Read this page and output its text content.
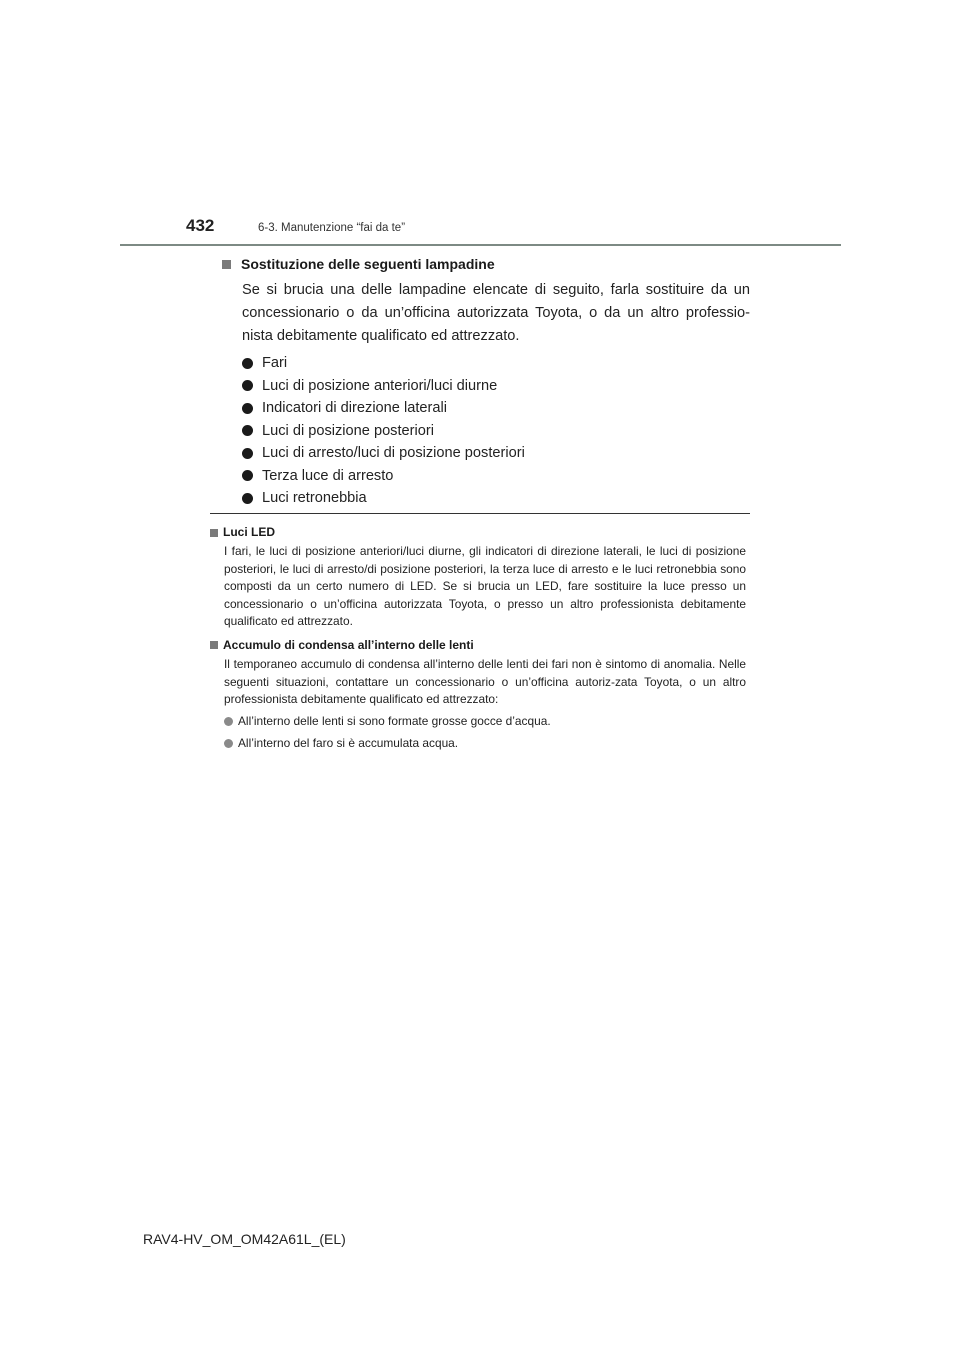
432	6-3. Manutenzione “fai da te”
Sostituzione delle seguenti lampadine

Se si brucia una delle lampadine elencate di seguito, farla sostituire da un concessionario o da un’officina autorizzata Toyota, o da un altro professio-nista debitamente qualificato ed attrezzato.

Fari
Luci di posizione anteriori/luci diurne
Indicatori di direzione laterali
Luci di posizione posteriori
Luci di arresto/luci di posizione posteriori
Terza luce di arresto
Luci retronebbia
Luci LED

I fari, le luci di posizione anteriori/luci diurne, gli indicatori di direzione laterali, le luci di posizione posteriori, le luci di arresto/di posizione posteriori, la terza luce di arresto e le luci retronebbia sono composti da un certo numero di LED. Se si brucia un LED, fare sostituire la luce presso un concessionario o un’officina autorizzata Toyota, o presso un altro professionista debitamente qualificato ed attrezzato.

Accumulo di condensa all’interno delle lenti

Il temporaneo accumulo di condensa all’interno delle lenti dei fari non è sintomo di anomalia. Nelle seguenti situazioni, contattare un concessionario o un’officina autoriz-zata Toyota, o un altro professionista debitamente qualificato ed attrezzato:

All’interno delle lenti si sono formate grosse gocce d’acqua.
All’interno del faro si è accumulata acqua.
RAV4-HV_OM_OM42A61L_(EL)
